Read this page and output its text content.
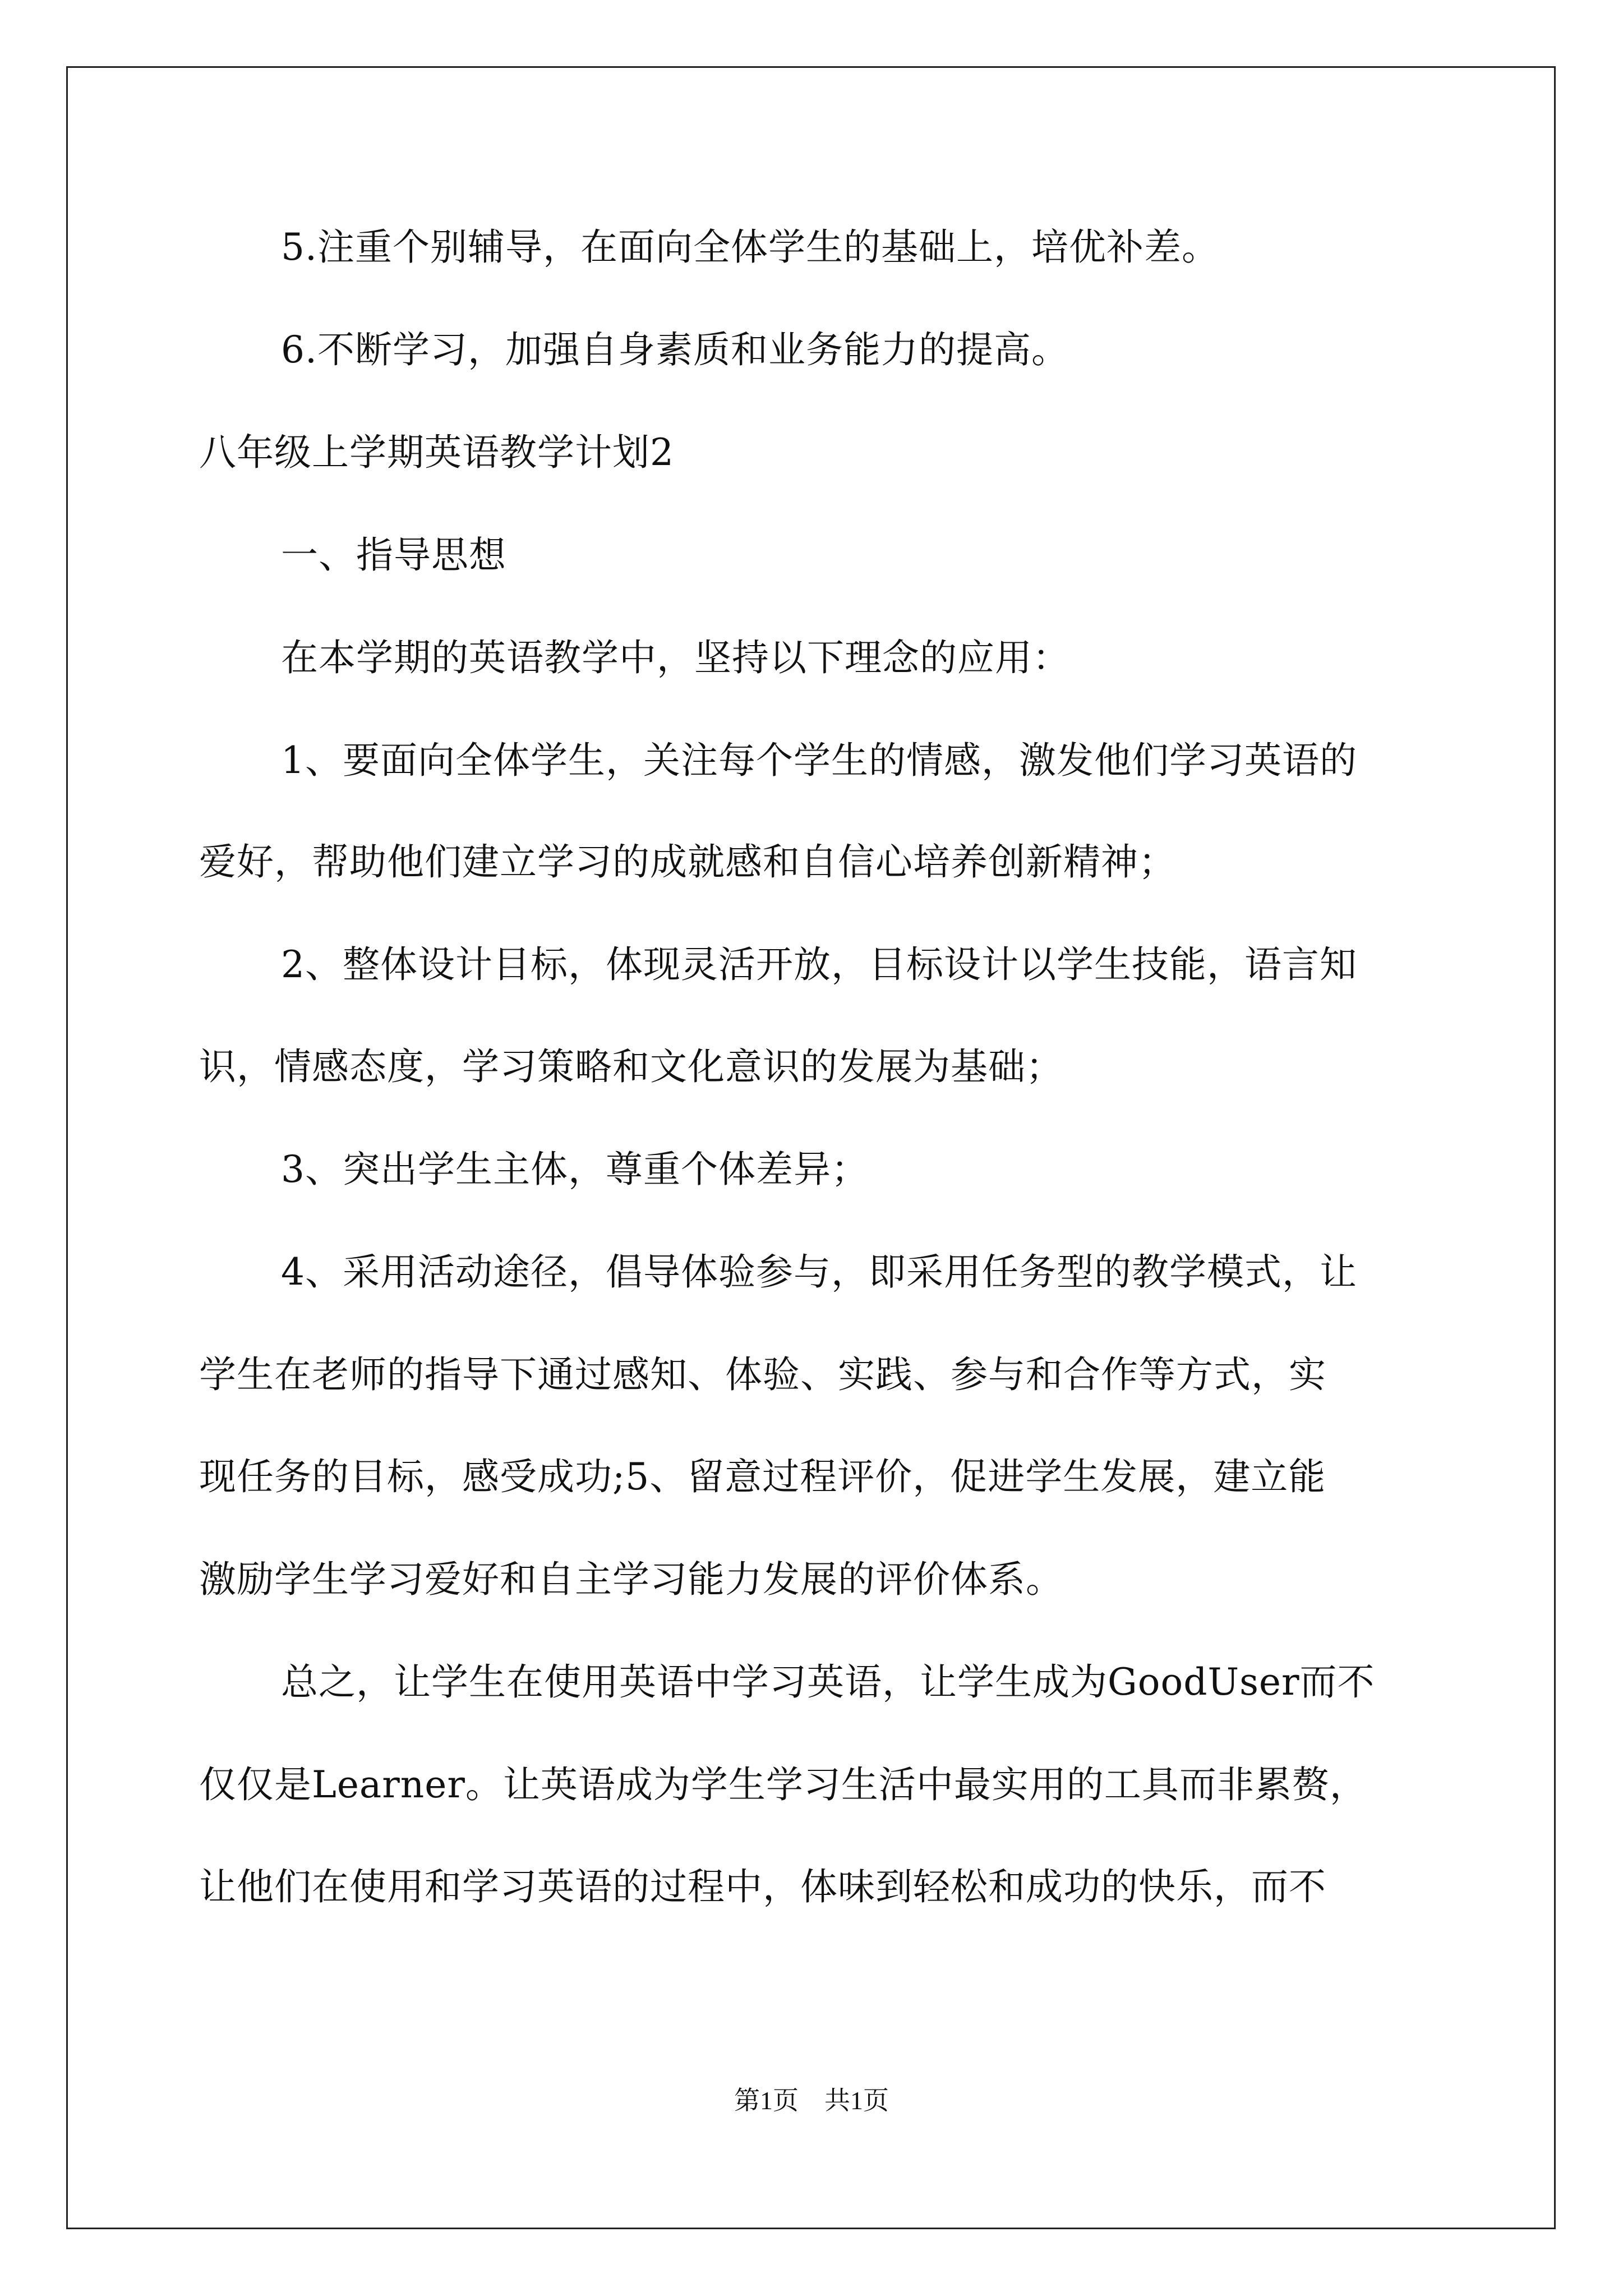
5.注重个别辅导，在面向全体学生的基础上，培优补差。

6.不断学习，加强自身素质和业务能力的提高。

八年级上学期英语教学计划2

一、指导思想

在本学期的英语教学中，坚持以下理念的应用：

1、要面向全体学生，关注每个学生的情感，激发他们学习英语的

爱好，帮助他们建立学习的成就感和自信心培养创新精神；

2、整体设计目标，体现灵活开放，目标设计以学生技能，语言知

识，情感态度，学习策略和文化意识的发展为基础；

3、突出学生主体，尊重个体差异；

4、采用活动途径，倡导体验参与，即采用任务型的教学模式，让

学生在老师的指导下通过感知、体验、实践、参与和合作等方式，实

现任务的目标，感受成功;5、留意过程评价，促进学生发展，建立能

激励学生学习爱好和自主学习能力发展的评价体系。

总之，让学生在使用英语中学习英语，让学生成为GoodUser而不

仅仅是Learner。让英语成为学生学习生活中最实用的工具而非累赘，

让他们在使用和学习英语的过程中，体味到轻松和成功的快乐，而不

第1页　共1页
